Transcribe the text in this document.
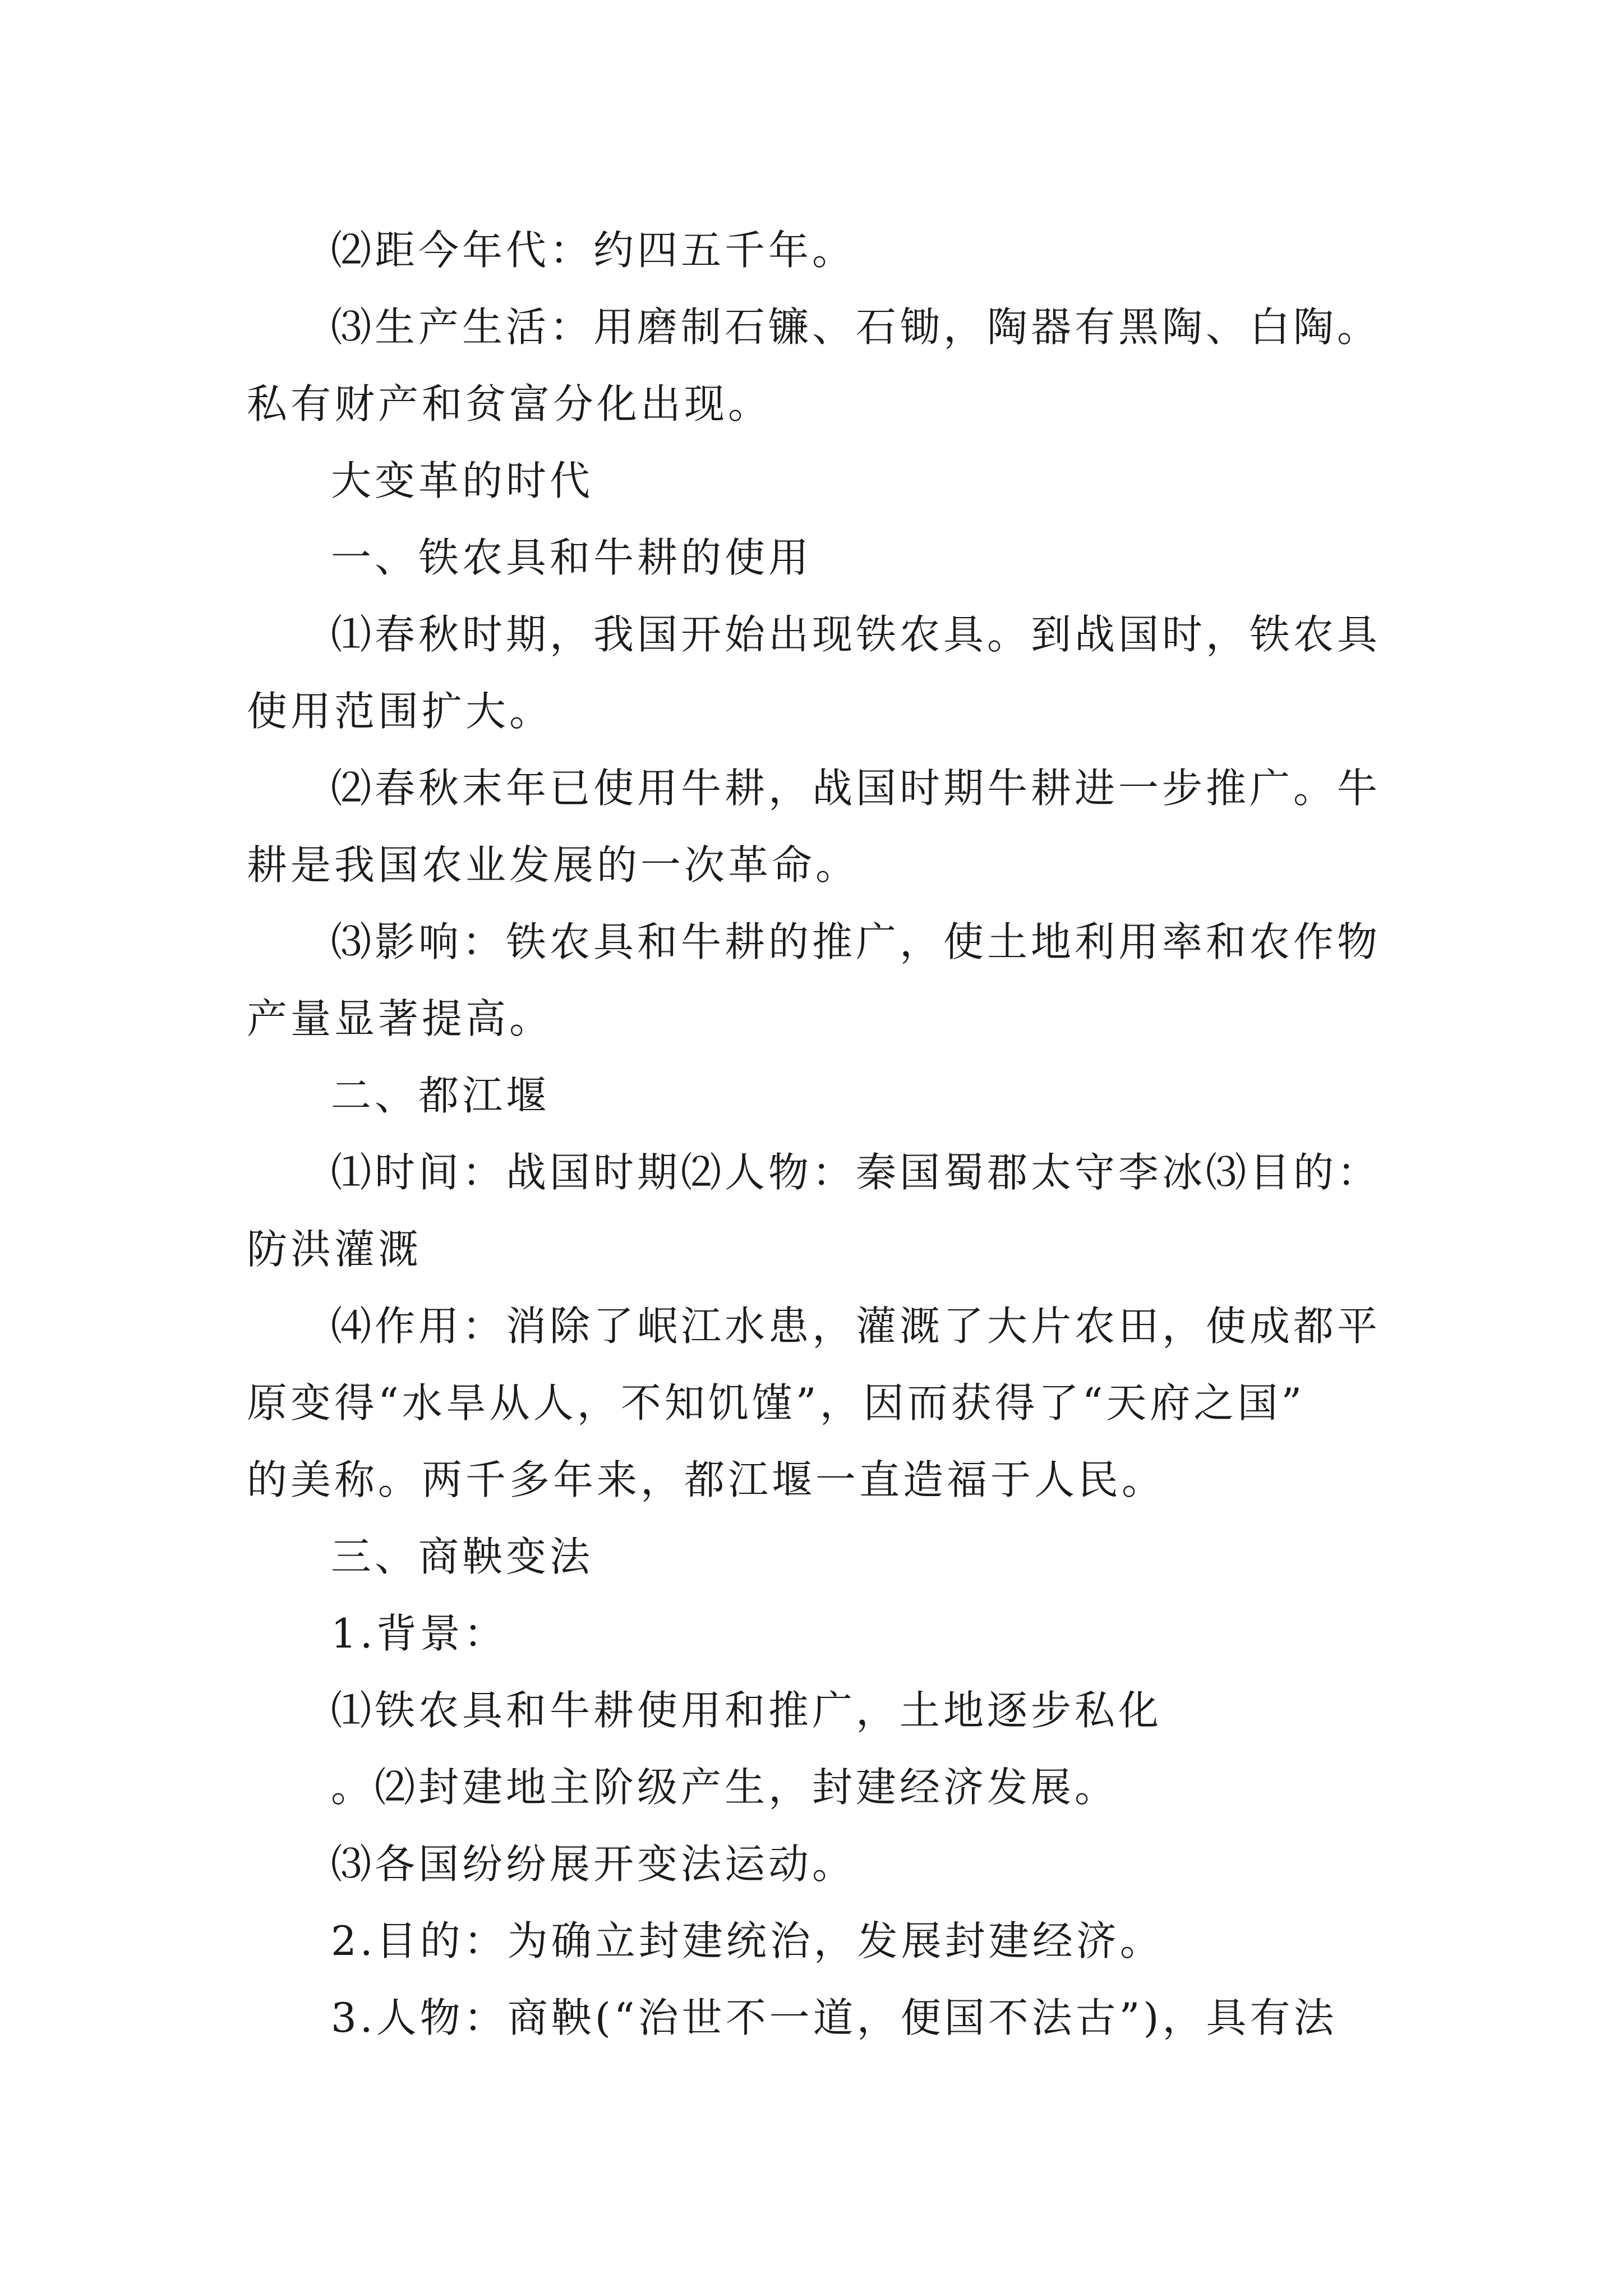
⑵距今年代：约四五千年。
⑶生产生活：用磨制石镰、石锄，陶器有黑陶、白陶。
私有财产和贫富分化出现。
大变革的时代
一、铁农具和牛耕的使用
⑴春秋时期，我国开始出现铁农具。到战国时，铁农具
使用范围扩大。
⑵春秋末年已使用牛耕，战国时期牛耕进一步推广。牛
耕是我国农业发展的一次革命。
⑶影响：铁农具和牛耕的推广，使土地利用率和农作物
产量显著提高。
二、都江堰
⑴时间：战国时期⑵人物：秦国蜀郡太守李冰⑶目的：
防洪灌溉
⑷作用：消除了岷江水患，灌溉了大片农田，使成都平
原变得“水旱从人，不知饥馑”，因而获得了“天府之国”
的美称。两千多年来，都江堰一直造福于人民。
三、商鞅变法
1.背景：
⑴铁农具和牛耕使用和推广，土地逐步私化
。⑵封建地主阶级产生，封建经济发展。
⑶各国纷纷展开变法运动。
2.目的：为确立封建统治，发展封建经济。
3.人物：商鞅(“治世不一道，便国不法古”)，具有法
